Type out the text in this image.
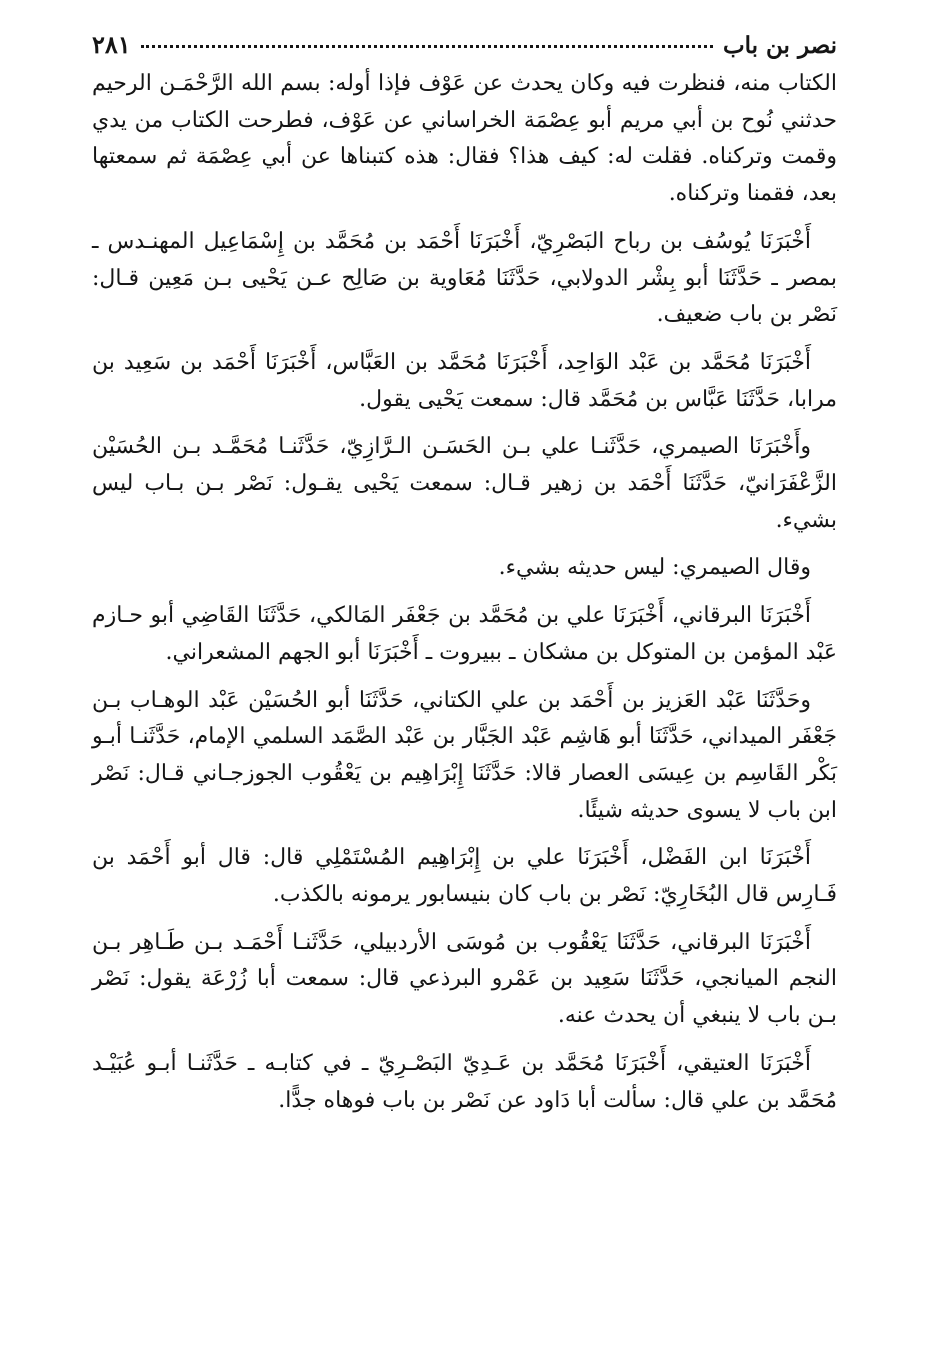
نصر بن باب
٢٨١

الكتاب منه، فنظرت فيه وكان يحدث عن عَوْف فإذا أوله: بسم الله الرَّحْمَـن الرحيم حدثني نُوح بن أبي مريم أبو عِصْمَة الخراساني عن عَوْف، فطرحت الكتاب من يدي وقمت وتركناه. فقلت له: كيف هذا؟ فقال: هذه كتبناها عن أبي عِصْمَة ثم سمعتها بعد، فقمنا وتركناه.

أَخْبَرَنَا يُوسُف بن رباح البَصْرِيّ، أَخْبَرَنَا أَحْمَد بن مُحَمَّد بن إِسْمَاعِيل المهنـدس ـ بمصر ـ حَدَّثَنَا أبو بِشْر الدولابي، حَدَّثَنَا مُعَاوية بن صَالِح عـن يَحْيى بـن مَعِين قـال: نَصْر بن باب ضعيف.

أَخْبَرَنَا مُحَمَّد بن عَبْد الوَاحِد، أَخْبَرَنَا مُحَمَّد بن العَبَّاس، أَخْبَرَنَا أَحْمَد بن سَعِيد بن مرابا، حَدَّثَنَا عَبَّاس بن مُحَمَّد قال: سمعت يَحْيى يقول.

وأَخْبَرَنَا الصيمري، حَدَّثَنـا علي بـن الحَسَـن الـرَّازِيّ، حَدَّثَنـا مُحَمَّـد بـن الحُسَيْن الزَّعْفَرَانيّ، حَدَّثَنَا أَحْمَد بن زهير قـال: سمعت يَحْيى يقـول: نَصْر بـن بـاب ليس بشيء.

وقال الصيمري: ليس حديثه بشيء.

أَخْبَرَنَا البرقاني، أَخْبَرَنَا علي بن مُحَمَّد بن جَعْفَر المَالكي، حَدَّثَنَا القَاضِي أبو حـازم عَبْد المؤمن بن المتوكل بن مشكان ـ ببيروت ـ أَخْبَرَنَا أبو الجهم المشعراني.

وحَدَّثَنَا عَبْد العَزيز بن أَحْمَد بن علي الكتاني، حَدَّثَنَا أبو الحُسَيْن عَبْد الوهـاب بـن جَعْفَر الميداني، حَدَّثَنَا أبو هَاشِم عَبْد الجَبَّار بن عَبْد الصَّمَد السلمي الإمام، حَدَّثَنـا أبـو بَكْر القَاسِم بن عِيسَى العصار قالا: حَدَّثَنَا إِبْرَاهِيم بن يَعْقُوب الجوزجـاني قـال: نَصْر ابن باب لا يسوى حديثه شيئًا.

أَخْبَرَنَا ابن الفَضْل، أَخْبَرَنَا علي بن إِبْرَاهِيم المُسْتَمْلِي قال: قال أبو أَحْمَد بن فَـارِس قال البُخَارِيّ: نَصْر بن باب كان بنيسابور يرمونه بالكذب.

أَخْبَرَنَا البرقاني، حَدَّثَنَا يَعْقُوب بن مُوسَى الأردبيلي، حَدَّثَنـا أَحْمَـد بـن طَـاهِر بـن النجم الميانجي، حَدَّثَنَا سَعِيد بن عَمْرو البرذعي قال: سمعت أبا زُرْعَة يقول: نَصْر بـن باب لا ينبغي أن يحدث عنه.

أَخْبَرَنَا العتيقي، أَخْبَرَنَا مُحَمَّد بن عَـدِيّ البَصْـرِيّ ـ في كتابـه ـ حَدَّثَنـا أبـو عُبَيْـد مُحَمَّد بن علي قال: سألت أبا دَاود عن نَصْر بن باب فوهاه جدًّا.
